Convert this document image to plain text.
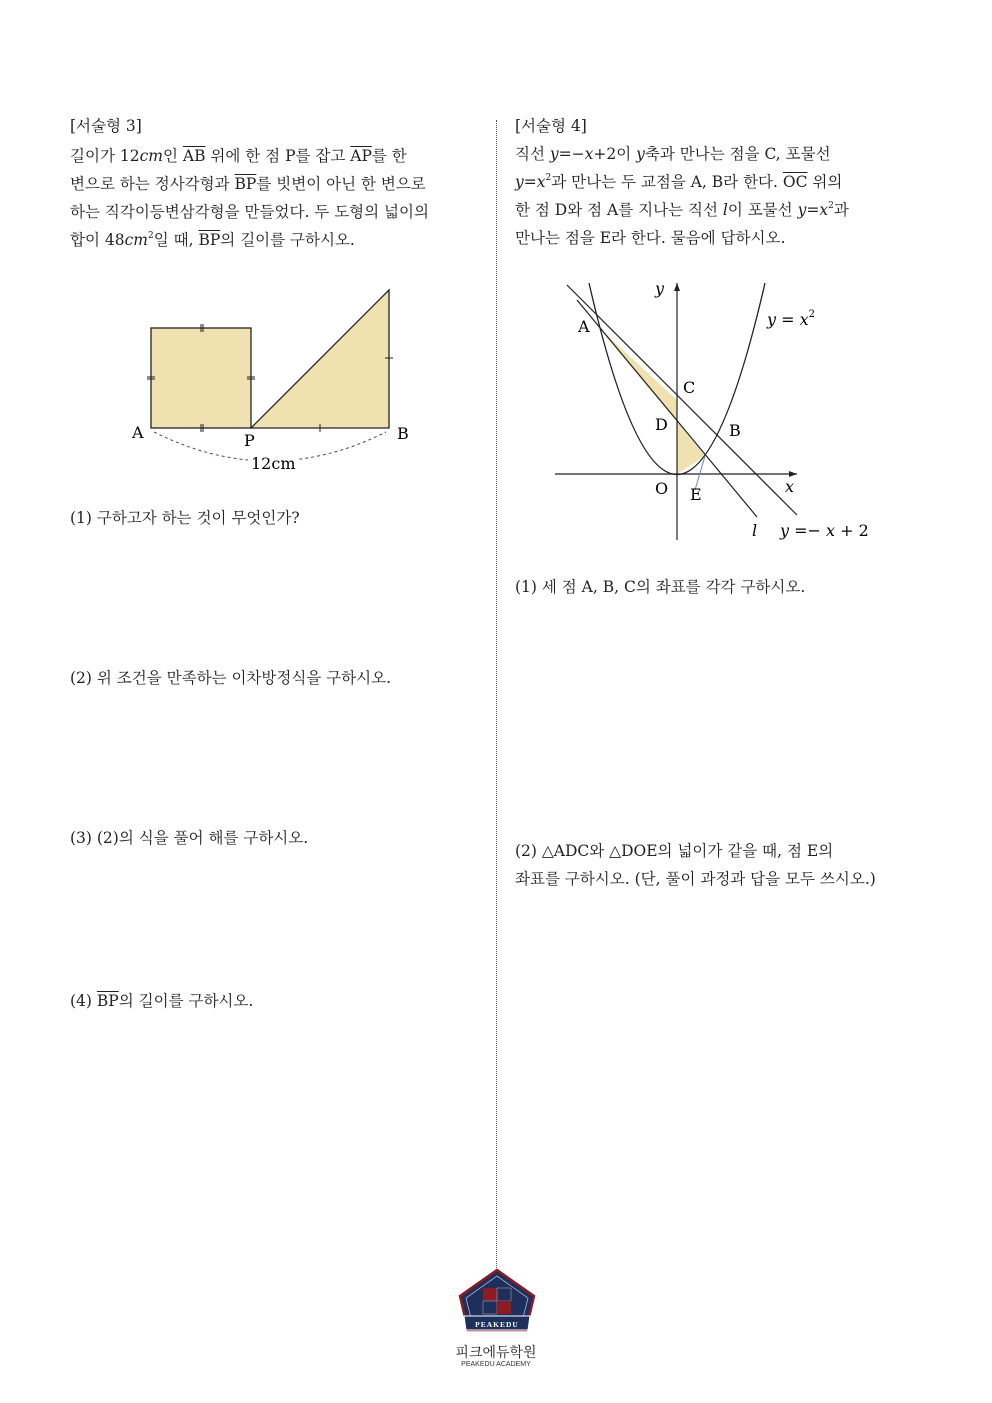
[서술형 3]
길이가 12cm인 $\overline{AB}$ 위에 한 점 P를 잡고 $\overline{AP}$를 한
변으로 하는 정사각형과 $\overline{BP}$를 빗변이 아닌 한 변으로
하는 직각이등변삼각형을 만들었다. 두 도형의 넓이의
합이 $48cm^2$일 때, $\overline{BP}$의 길이를 구하시오.
A	P	B
12cm
(1) 구하고자 하는 것이 무엇인가?
(2) 위 조건을 만족하는 이차방정식을 구하시오.
(3) (2)의 식을 풀어 해를 구하시오.
(4) $\overline{BP}$의 길이를 구하시오.
[서술형 4]
직선 y=−x+2이 y축과 만나는 점을 C, 포물선
$y=x^2$과 만나는 두 교점을 A, B라 한다. $\overline{OC}$ 위의
한 점 D와 점 A를 지나는 직선 l이 포물선 $y=x^2$과
만나는 점을 E라 한다. 물음에 답하시오.
y
x
O
A
B
C
D
E
$y = x^2$
y =− x + 2
l
(1) 세 점 A, B, C의 좌표를 각각 구하시오.
(2) △ADC와 △DOE의 넓이가 같을 때, 점 E의
좌표를 구하시오. (단, 풀이 과정과 답을 모두 쓰시오.)
PEAKEDU
피크에듀학원
PEAKEDU ACADEMY
